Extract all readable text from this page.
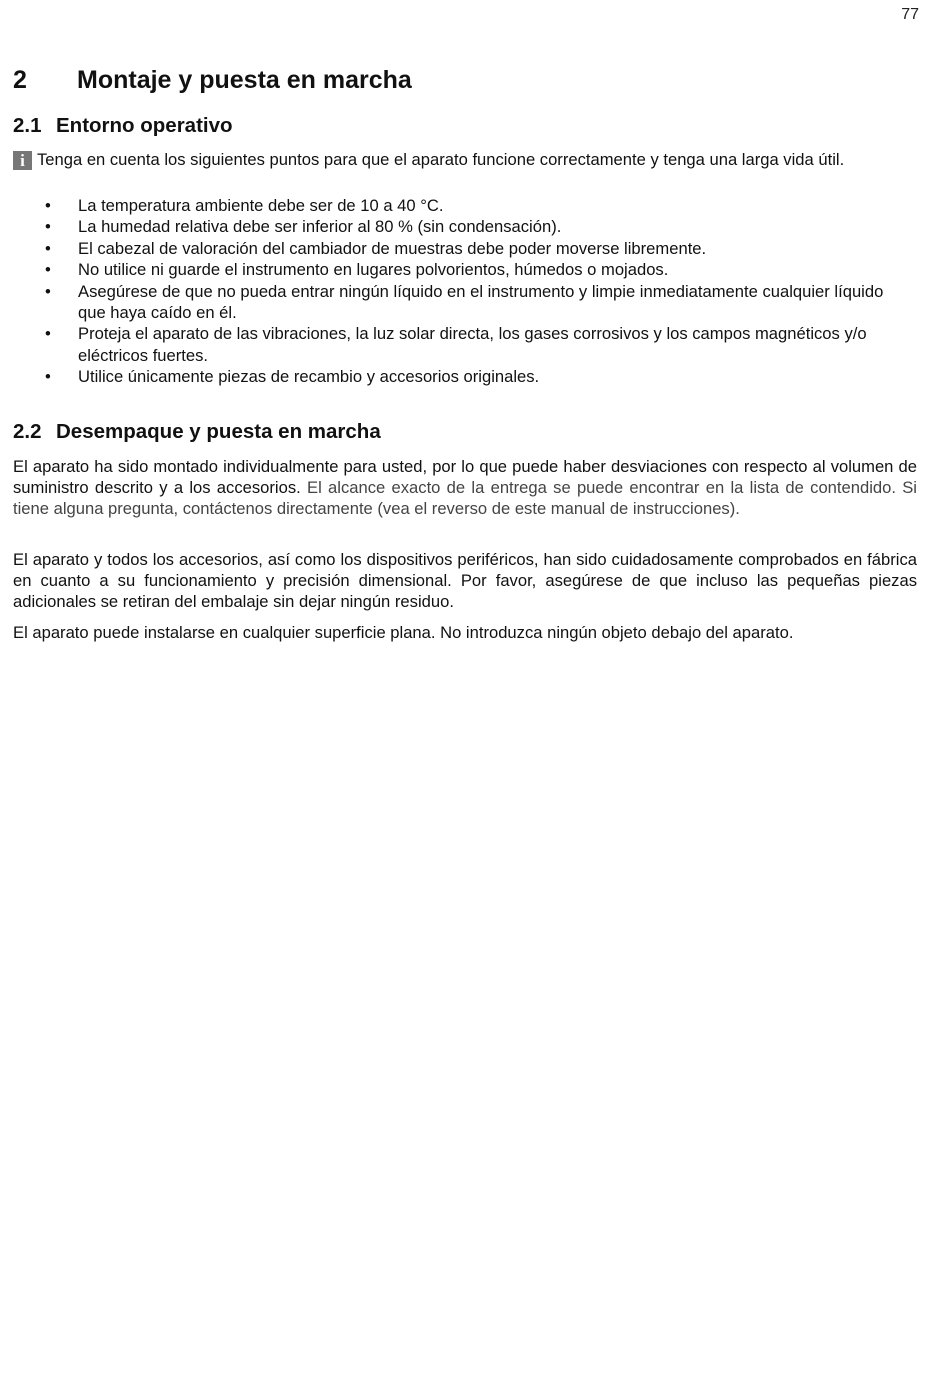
77
2	Montaje y puesta en marcha
2.1 Entorno operativo
i Tenga en cuenta los siguientes puntos para que el aparato funcione correctamente y tenga una larga vida útil.
• La temperatura ambiente debe ser de 10 a 40 °C.
• La humedad relativa debe ser inferior al 80 % (sin condensación).
• El cabezal de valoración del cambiador de muestras debe poder moverse libremente.
• No utilice ni guarde el instrumento en lugares polvorientos, húmedos o mojados.
• Asegúrese de que no pueda entrar ningún líquido en el instrumento y limpie inmediatamente cualquier líquido que haya caído en él.
• Proteja el aparato de las vibraciones, la luz solar directa, los gases corrosivos y los campos magnéticos y/o eléctricos fuertes.
• Utilice únicamente piezas de recambio y accesorios originales.
2.2 Desempaque y puesta en marcha

El aparato ha sido montado individualmente para usted, por lo que puede haber desviaciones con respecto al volumen de suministro descrito y a los accesorios. El alcance exacto de la entrega se puede encontrar en la lista de contendido. Si tiene alguna pregunta, contáctenos directamente (vea el reverso de este manual de instrucciones).

El aparato y todos los accesorios, así como los dispositivos periféricos, han sido cuidadosamente comprobados en fábrica en cuanto a su funcionamiento y precisión dimensional. Por favor, asegúrese de que incluso las pequeñas piezas adicionales se retiran del embalaje sin dejar ningún residuo.

El aparato puede instalarse en cualquier superficie plana. No introduzca ningún objeto debajo del aparato.
